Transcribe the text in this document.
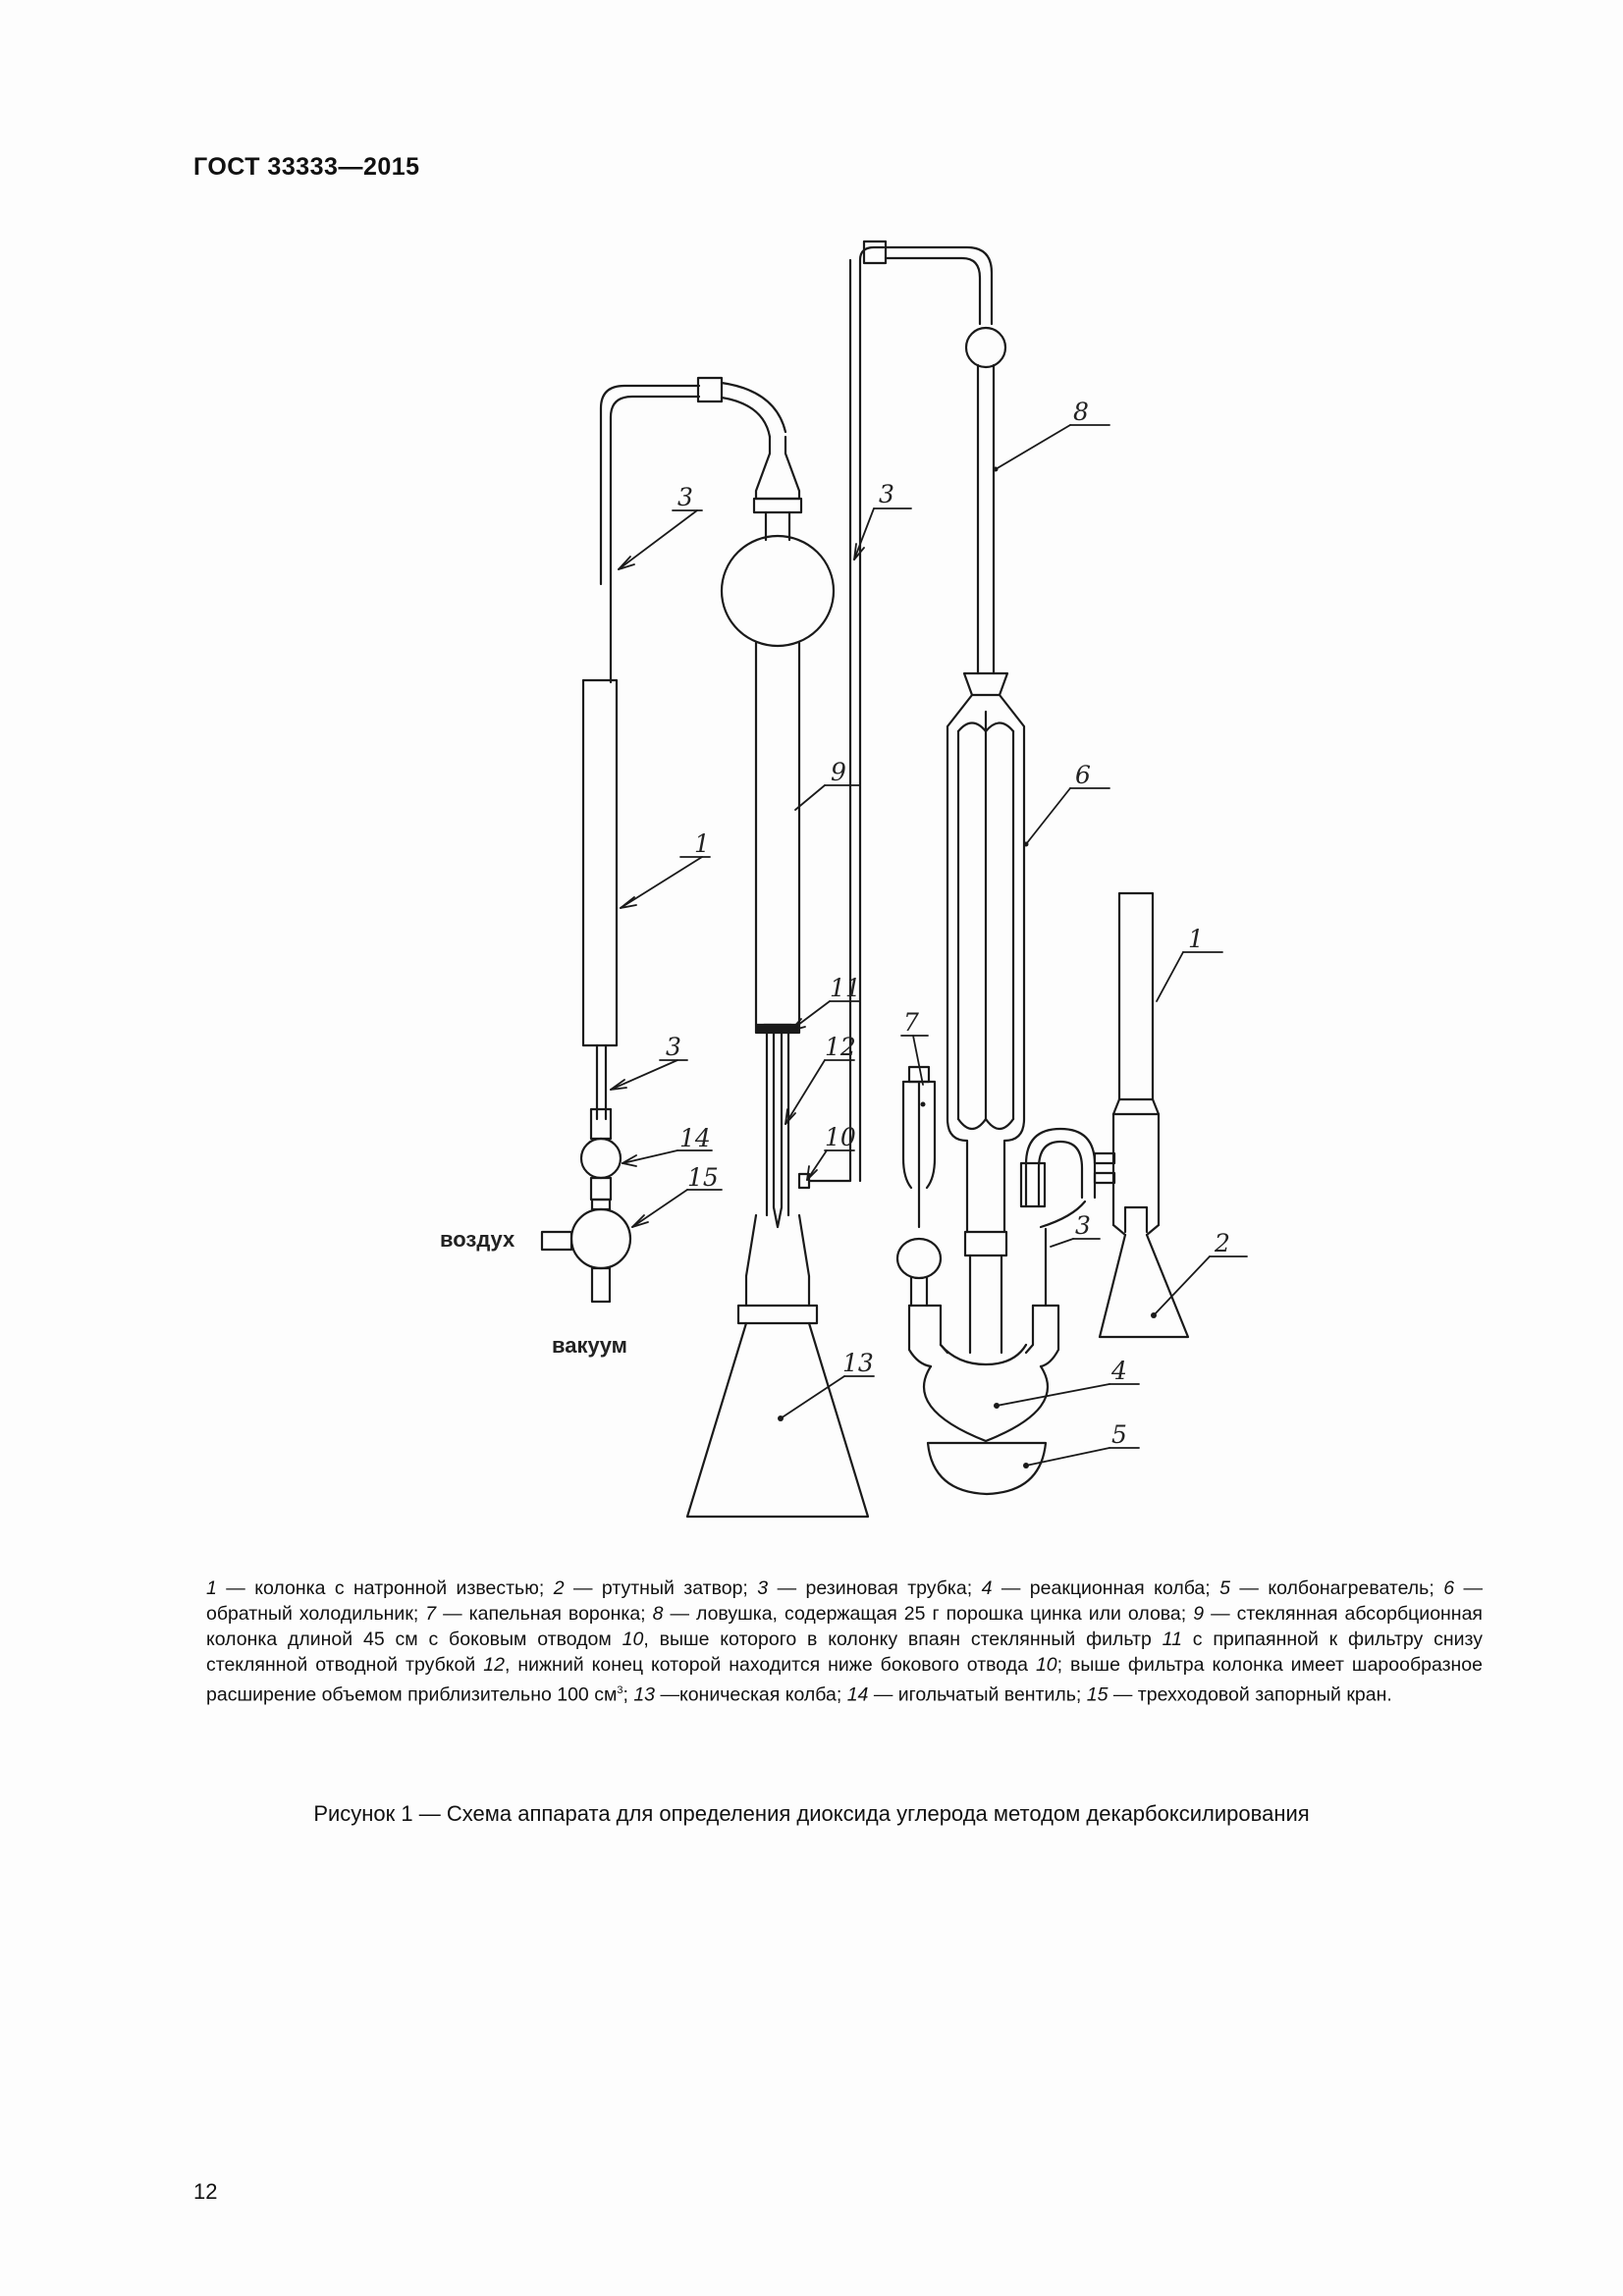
ГОСТ 33333—2015
3
1
3
14
15
3
9
11
12
10
13
8
6
7
1
3
2
4
5
воздух
вакуум

1 — колонка с натронной известью; 2 — ртутный затвор; 3 — резиновая трубка; 4 — реакционная колба; 5 — колбонагреватель; 6 — обратный холодильник; 7 — капельная воронка; 8 — ловушка, содержащая 25 г порошка цинка или олова; 9 — стеклянная абсорбционная колонка длиной 45 см с боковым отводом 10, выше которого в колонку впаян стеклянный фильтр 11 с припаянной к фильтру снизу стеклянной отводной трубкой 12, нижний конец которой находится ниже бокового отвода 10; выше фильтра колонка имеет шарообразное расширение объемом приблизительно 100 $см^3$; 13 —коническая колба; 14 — игольчатый вентиль; 15 — трехходовой запорный кран.

Рисунок 1 — Схема аппарата для определения диоксида углерода методом декарбоксилирования
12
